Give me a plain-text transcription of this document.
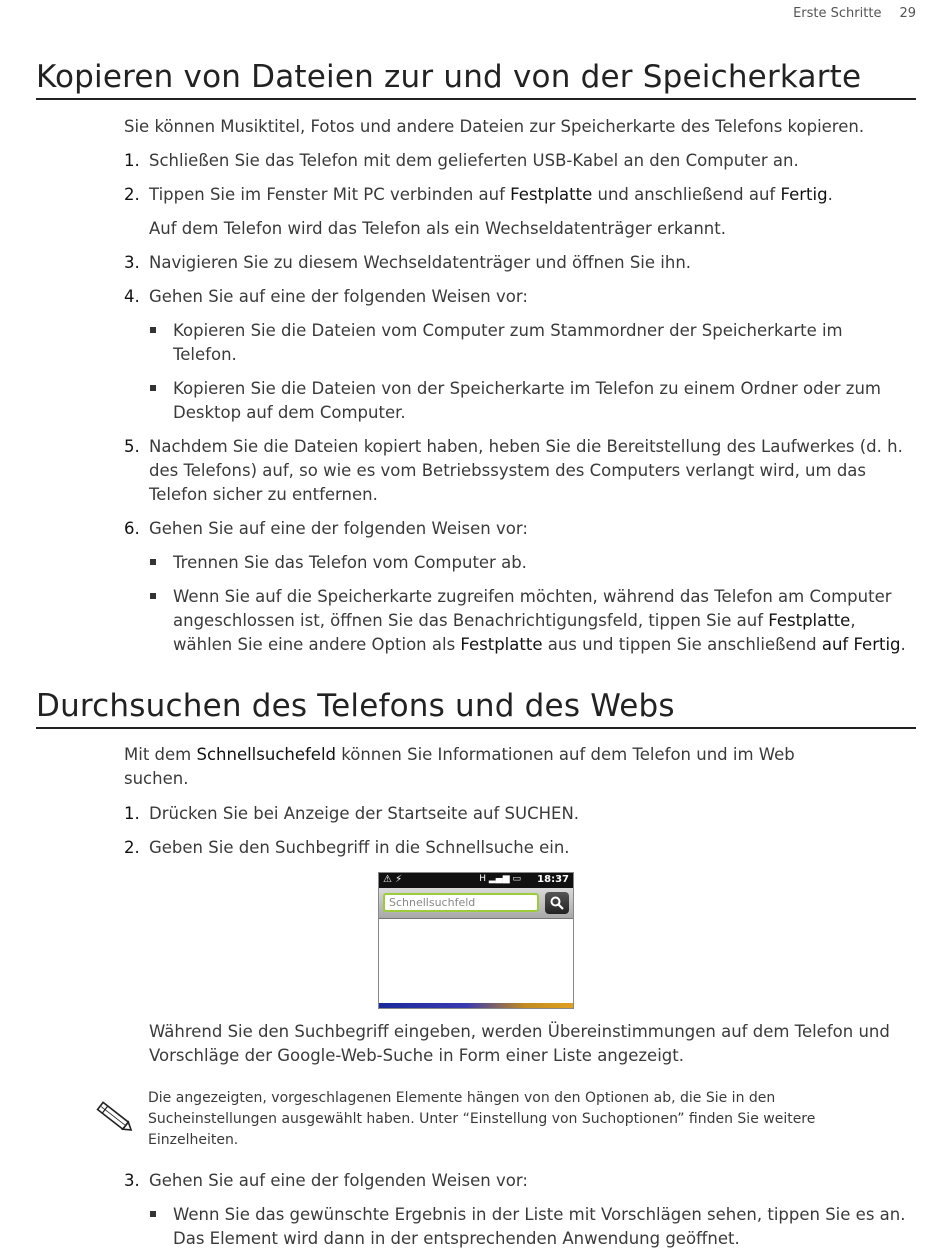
Erste Schritte 29
Kopieren von Dateien zur und von der Speicherkarte
Sie können Musiktitel, Fotos und andere Dateien zur Speicherkarte des Telefons kopieren.
1. Schließen Sie das Telefon mit dem gelieferten USB-Kabel an den Computer an.
2. Tippen Sie im Fenster Mit PC verbinden auf Festplatte und anschließend auf Fertig.
Auf dem Telefon wird das Telefon als ein Wechseldatenträger erkannt.
3. Navigieren Sie zu diesem Wechseldatenträger und öffnen Sie ihn.
4. Gehen Sie auf eine der folgenden Weisen vor:
Kopieren Sie die Dateien vom Computer zum Stammordner der Speicherkarte im Telefon.
Kopieren Sie die Dateien von der Speicherkarte im Telefon zu einem Ordner oder zum Desktop auf dem Computer.
5. Nachdem Sie die Dateien kopiert haben, heben Sie die Bereitstellung des Laufwerkes (d. h. des Telefons) auf, so wie es vom Betriebssystem des Computers verlangt wird, um das Telefon sicher zu entfernen.
6. Gehen Sie auf eine der folgenden Weisen vor:
Trennen Sie das Telefon vom Computer ab.
Wenn Sie auf die Speicherkarte zugreifen möchten, während das Telefon am Computer angeschlossen ist, öffnen Sie das Benachrichtigungsfeld, tippen Sie auf Festplatte, wählen Sie eine andere Option als Festplatte aus und tippen Sie anschließend auf Fertig.
Durchsuchen des Telefons und des Webs
Mit dem Schnellsuchefeld können Sie Informationen auf dem Telefon und im Web suchen.
1. Drücken Sie bei Anzeige der Startseite auf SUCHEN.
2. Geben Sie den Suchbegriff in die Schnellsuche ein.
⚠ ⚡	H ▂▄▆ ▭ 18:37
Schnellsuchfeld
Während Sie den Suchbegriff eingeben, werden Übereinstimmungen auf dem Telefon und Vorschläge der Google-Web-Suche in Form einer Liste angezeigt.
Die angezeigten, vorgeschlagenen Elemente hängen von den Optionen ab, die Sie in den Sucheinstellungen ausgewählt haben. Unter “Einstellung von Suchoptionen” finden Sie weitere Einzelheiten.
3. Gehen Sie auf eine der folgenden Weisen vor:
Wenn Sie das gewünschte Ergebnis in der Liste mit Vorschlägen sehen, tippen Sie es an. Das Element wird dann in der entsprechenden Anwendung geöffnet.
